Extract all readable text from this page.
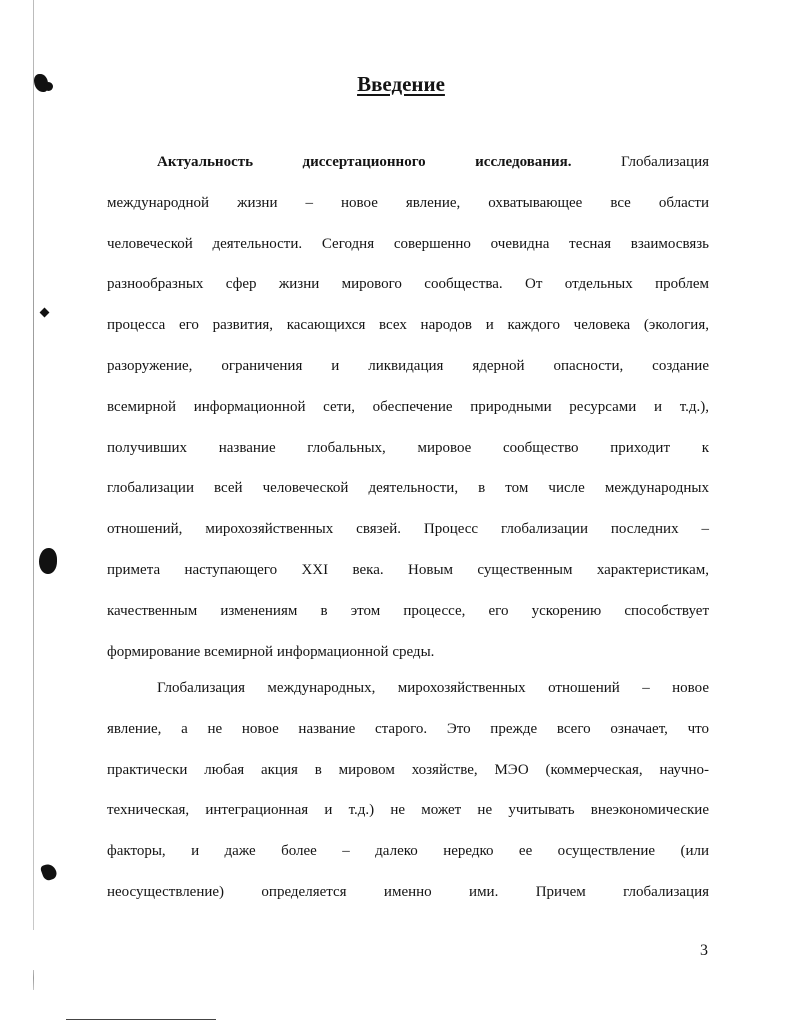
Введение
Актуальность диссертационного исследования. Глобализация
международной жизни – новое явление, охватывающее все области
человеческой деятельности. Сегодня совершенно очевидна тесная взаимосвязь
разнообразных сфер жизни мирового сообщества. От отдельных проблем
процесса его развития, касающихся всех народов и каждого человека (экология,
разоружение, ограничения и ликвидация ядерной опасности, создание
всемирной информационной сети, обеспечение природными ресурсами и т.д.),
получивших название глобальных, мировое сообщество приходит к
глобализации всей человеческой деятельности, в том числе международных
отношений, мирохозяйственных связей. Процесс глобализации последних –
примета наступающего XXI века. Новым существенным характеристикам,
качественным изменениям в этом процессе, его ускорению способствует
формирование всемирной информационной среды.
Глобализация международных, мирохозяйственных отношений – новое
явление, а не новое название старого. Это прежде всего означает, что
практически любая акция в мировом хозяйстве, МЭО (коммерческая, научно-
техническая, интеграционная и т.д.) не может не учитывать внеэкономические
факторы, и даже более – далеко нередко ее осуществление (или
неосуществление) определяется именно ими. Причем глобализация
3
